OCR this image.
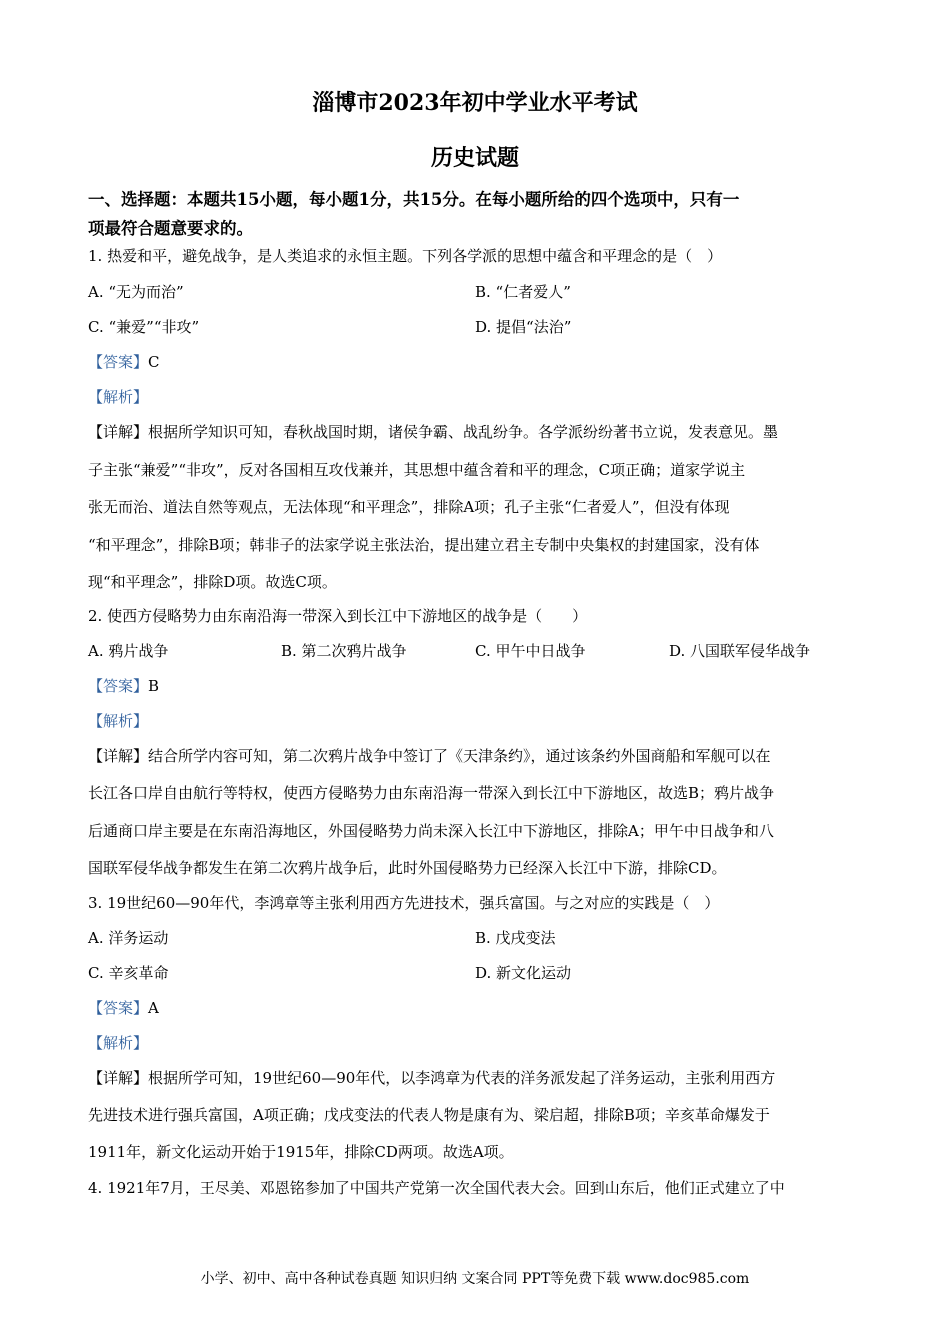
淄博市2023年初中学业水平考试
历史试题
一、选择题：本题共15小题，每小题1分，共15分。在每小题所给的四个选项中，只有一
项最符合题意要求的。
1. 热爱和平，避免战争，是人类追求的永恒主题。下列各学派的思想中蕴含和平理念的是（　）
A. “无为而治”	B. “仁者爱人”
C. “兼爱”“非攻”	D. 提倡“法治”
【答案】C
【解析】
【详解】根据所学知识可知，春秋战国时期，诸侯争霸、战乱纷争。各学派纷纷著书立说，发表意见。墨
子主张“兼爱”“非攻”，反对各国相互攻伐兼并，其思想中蕴含着和平的理念，C项正确；道家学说主
张无而治、道法自然等观点，无法体现“和平理念”，排除A项；孔子主张“仁者爱人”，但没有体现
“和平理念”，排除B项；韩非子的法家学说主张法治，提出建立君主专制中央集权的封建国家，没有体
现“和平理念”，排除D项。故选C项。
2. 使西方侵略势力由东南沿海一带深入到长江中下游地区的战争是（　　）
A. 鸦片战争	B. 第二次鸦片战争	C. 甲午中日战争	D. 八国联军侵华战争
【答案】B
【解析】
【详解】结合所学内容可知，第二次鸦片战争中签订了《天津条约》，通过该条约外国商船和军舰可以在
长江各口岸自由航行等特权，使西方侵略势力由东南沿海一带深入到长江中下游地区，故选B；鸦片战争
后通商口岸主要是在东南沿海地区，外国侵略势力尚未深入长江中下游地区，排除A；甲午中日战争和八
国联军侵华战争都发生在第二次鸦片战争后，此时外国侵略势力已经深入长江中下游，排除CD。
3. 19世纪60—90年代，李鸿章等主张利用西方先进技术，强兵富国。与之对应的实践是（　）
A. 洋务运动	B. 戊戌变法
C. 辛亥革命	D. 新文化运动
【答案】A
【解析】
【详解】根据所学可知，19世纪60—90年代，以李鸿章为代表的洋务派发起了洋务运动，主张利用西方
先进技术进行强兵富国，A项正确；戊戌变法的代表人物是康有为、梁启超，排除B项；辛亥革命爆发于
1911年，新文化运动开始于1915年，排除CD两项。故选A项。
4. 1921年7月，王尽美、邓恩铭参加了中国共产党第一次全国代表大会。回到山东后，他们正式建立了中
小学、初中、高中各种试卷真题 知识归纳 文案合同 PPT等免费下载 www.doc985.com
